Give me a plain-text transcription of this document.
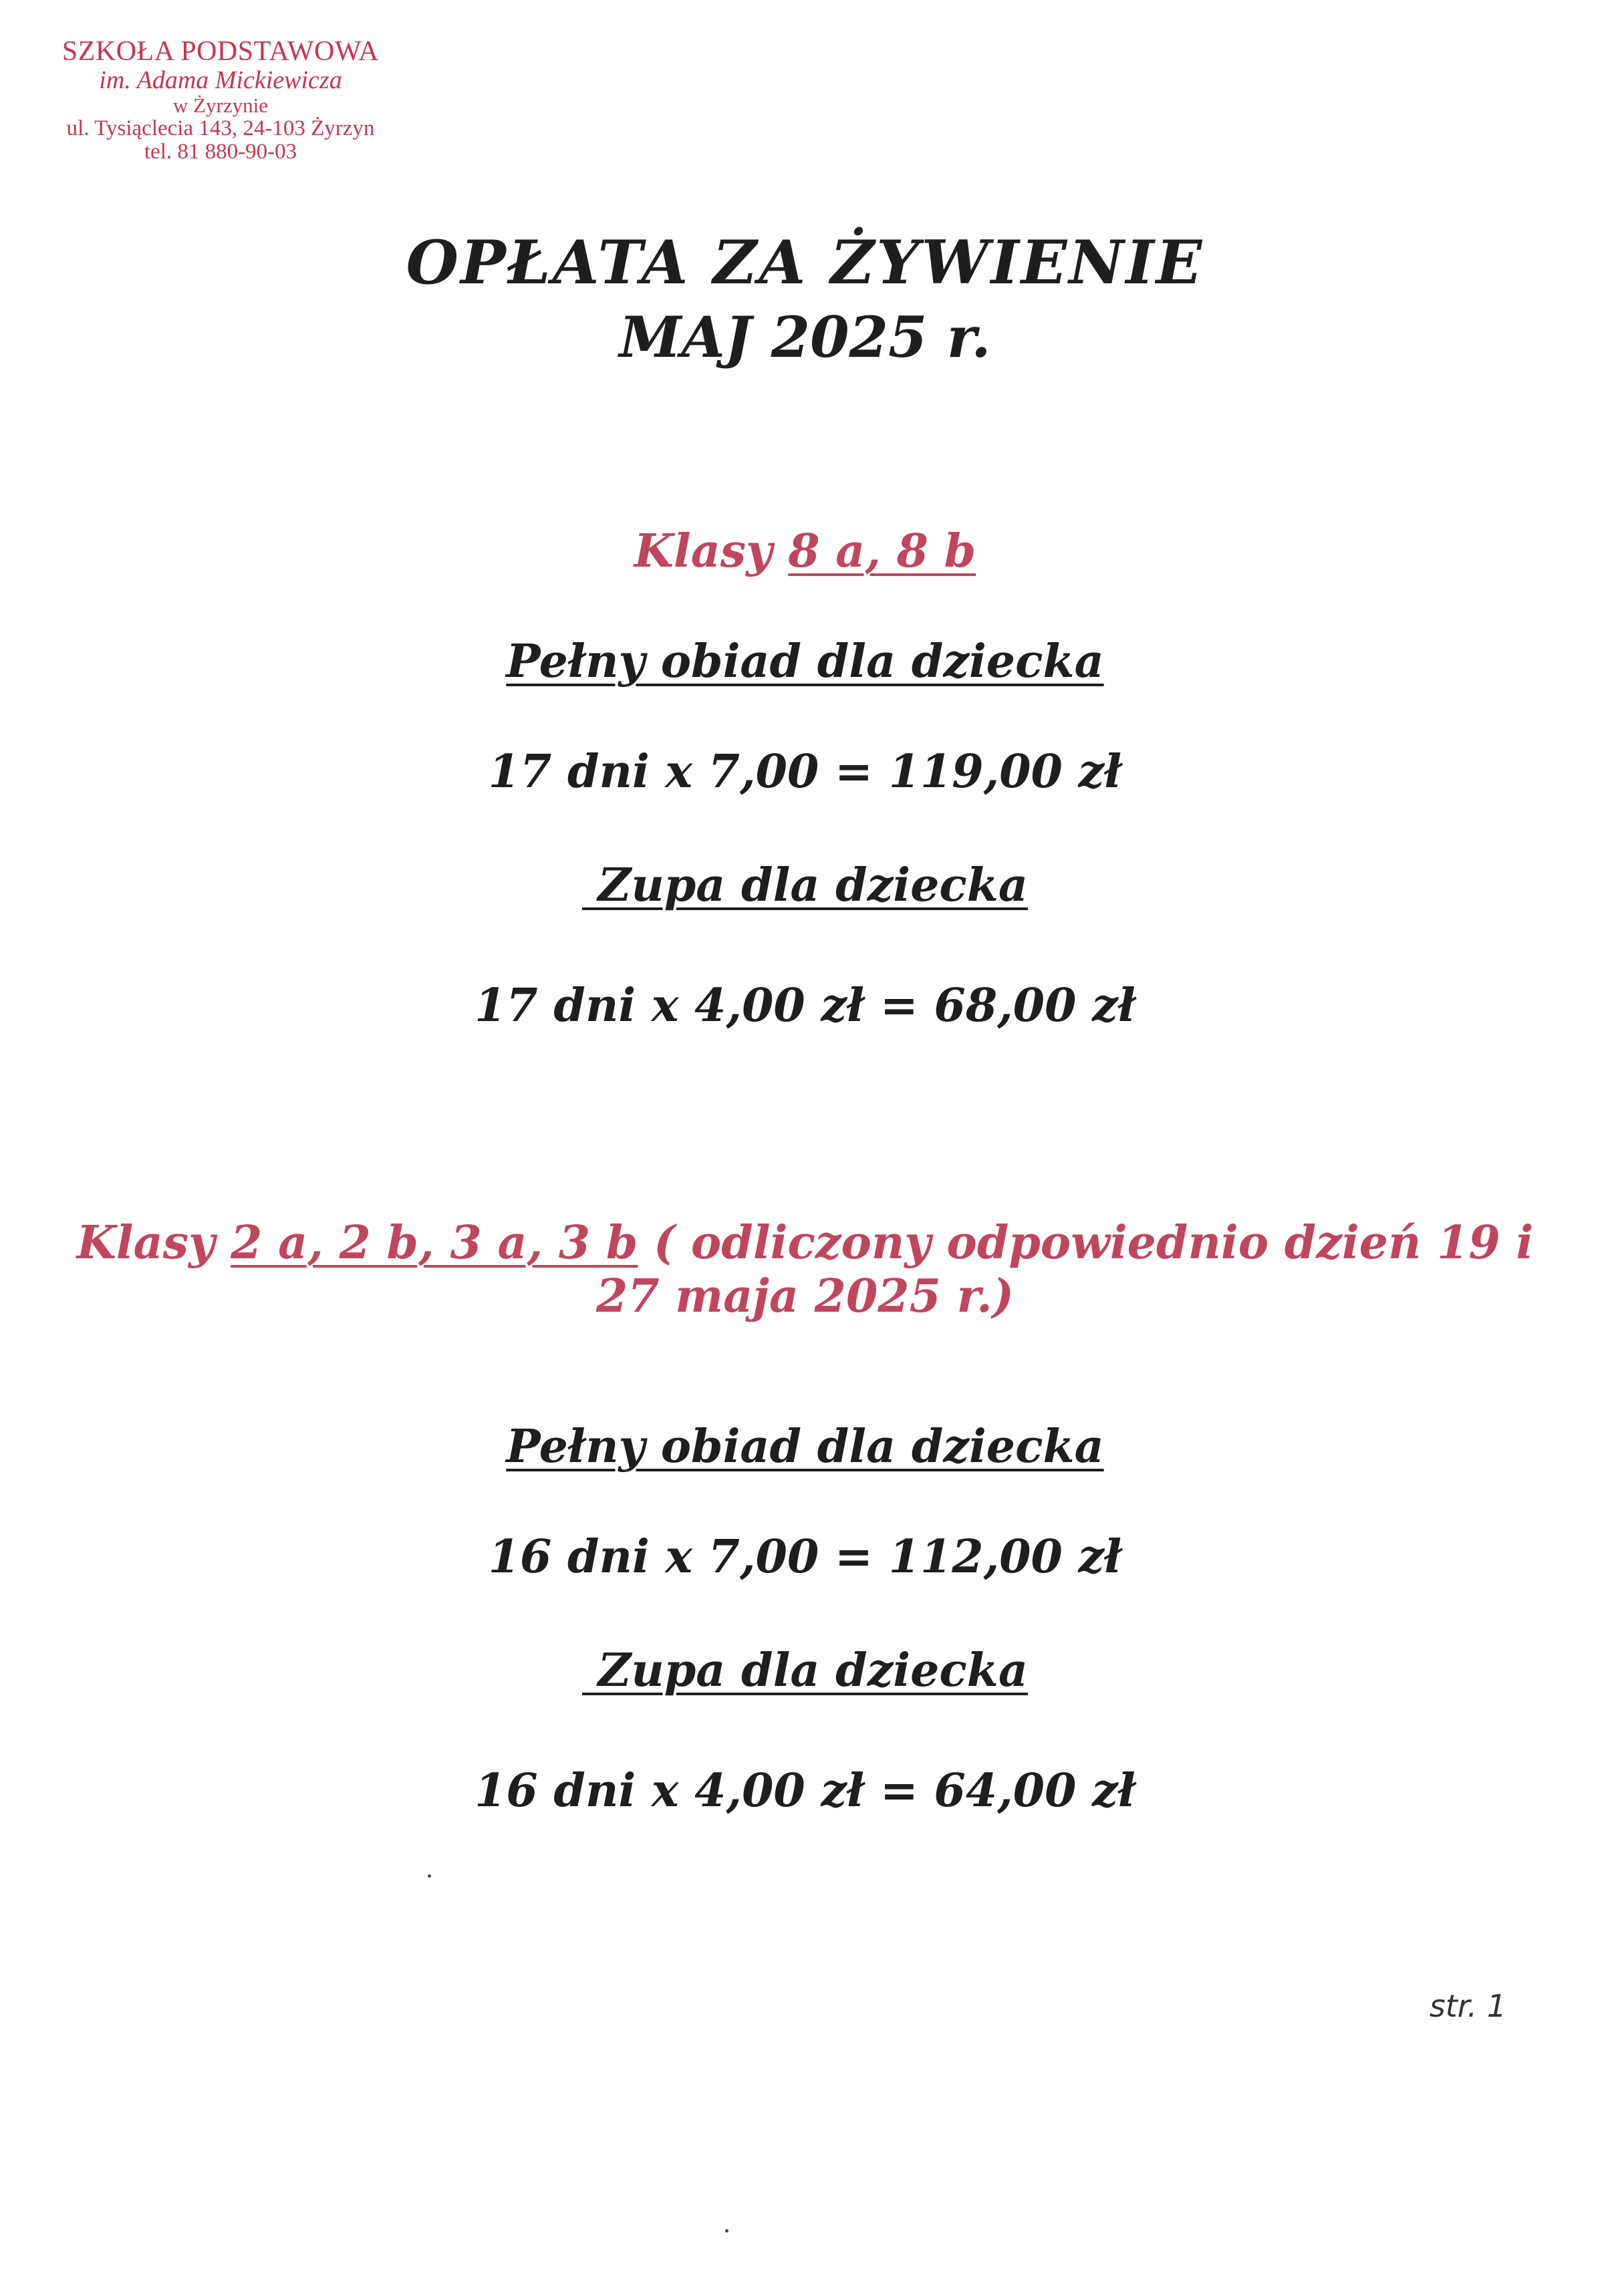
SZKOŁA PODSTAWOWA
im. Adama Mickiewicza
w Żyrzynie
ul. Tysiąclecia 143, 24-103 Żyrzyn
tel. 81 880-90-03
OPŁATA ZA ŻYWIENIE
MAJ 2025 r.
Klasy 8 a, 8 b
Pełny obiad dla dziecka
17 dni x 7,00 = 119,00 zł
Zupa dla dziecka
17 dni x 4,00 zł = 68,00 zł
Klasy 2 a, 2 b, 3 a, 3 b ( odliczony odpowiednio dzień 19 i
27 maja 2025 r.)
Pełny obiad dla dziecka
16 dni x 7,00 = 112,00 zł
Zupa dla dziecka
16 dni x 4,00 zł = 64,00 zł
str. 1
